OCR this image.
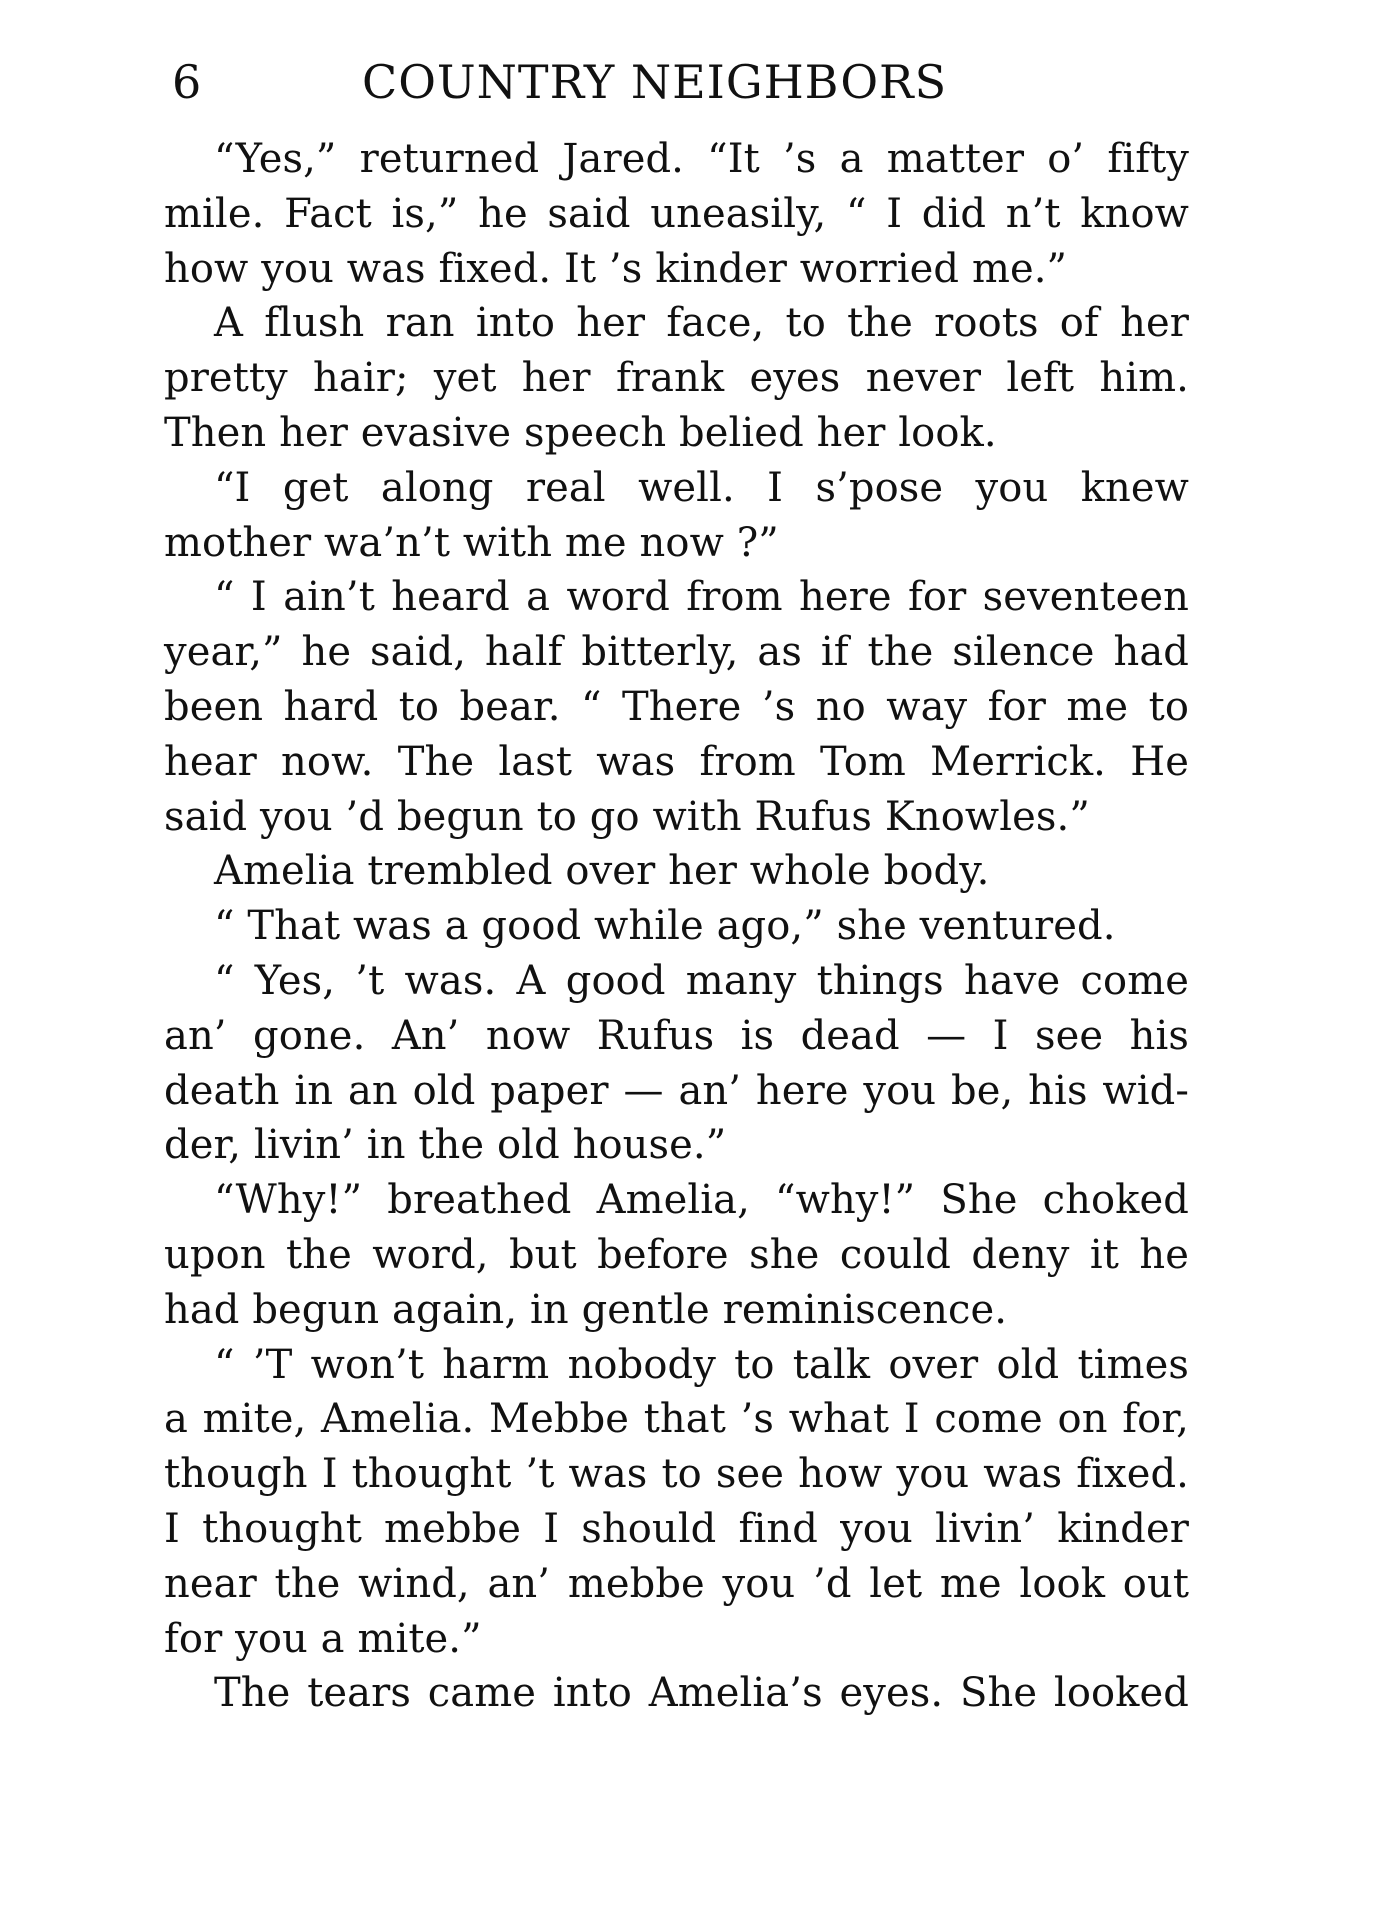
6	COUNTRY NEIGHBORS
“Yes,” returned Jared. “It ’s a matter o’ fifty
mile. Fact is,” he said uneasily, “ I did n’t know
how you was fixed. It ’s kinder worried me.”
A flush ran into her face, to the roots of her
pretty hair; yet her frank eyes never left him.
Then her evasive speech belied her look.
“I get along real well. I s’pose you knew
mother wa’n’t with me now ?”
“ I ain’t heard a word from here for seventeen
year,” he said, half bitterly, as if the silence had
been hard to bear. “ There ’s no way for me to
hear now. The last was from Tom Merrick. He
said you ’d begun to go with Rufus Knowles.”
Amelia trembled over her whole body.
“ That was a good while ago,” she ventured.
“ Yes, ’t was. A good many things have come
an’ gone. An’ now Rufus is dead — I see his
death in an old paper — an’ here you be, his wid-
der, livin’ in the old house.”
“Why!” breathed Amelia, “why!” She choked
upon the word, but before she could deny it he
had begun again, in gentle reminiscence.
“ ’T won’t harm nobody to talk over old times
a mite, Amelia. Mebbe that ’s what I come on for,
though I thought ’t was to see how you was fixed.
I thought mebbe I should find you livin’ kinder
near the wind, an’ mebbe you ’d let me look out
for you a mite.”
The tears came into Amelia’s eyes. She looked
